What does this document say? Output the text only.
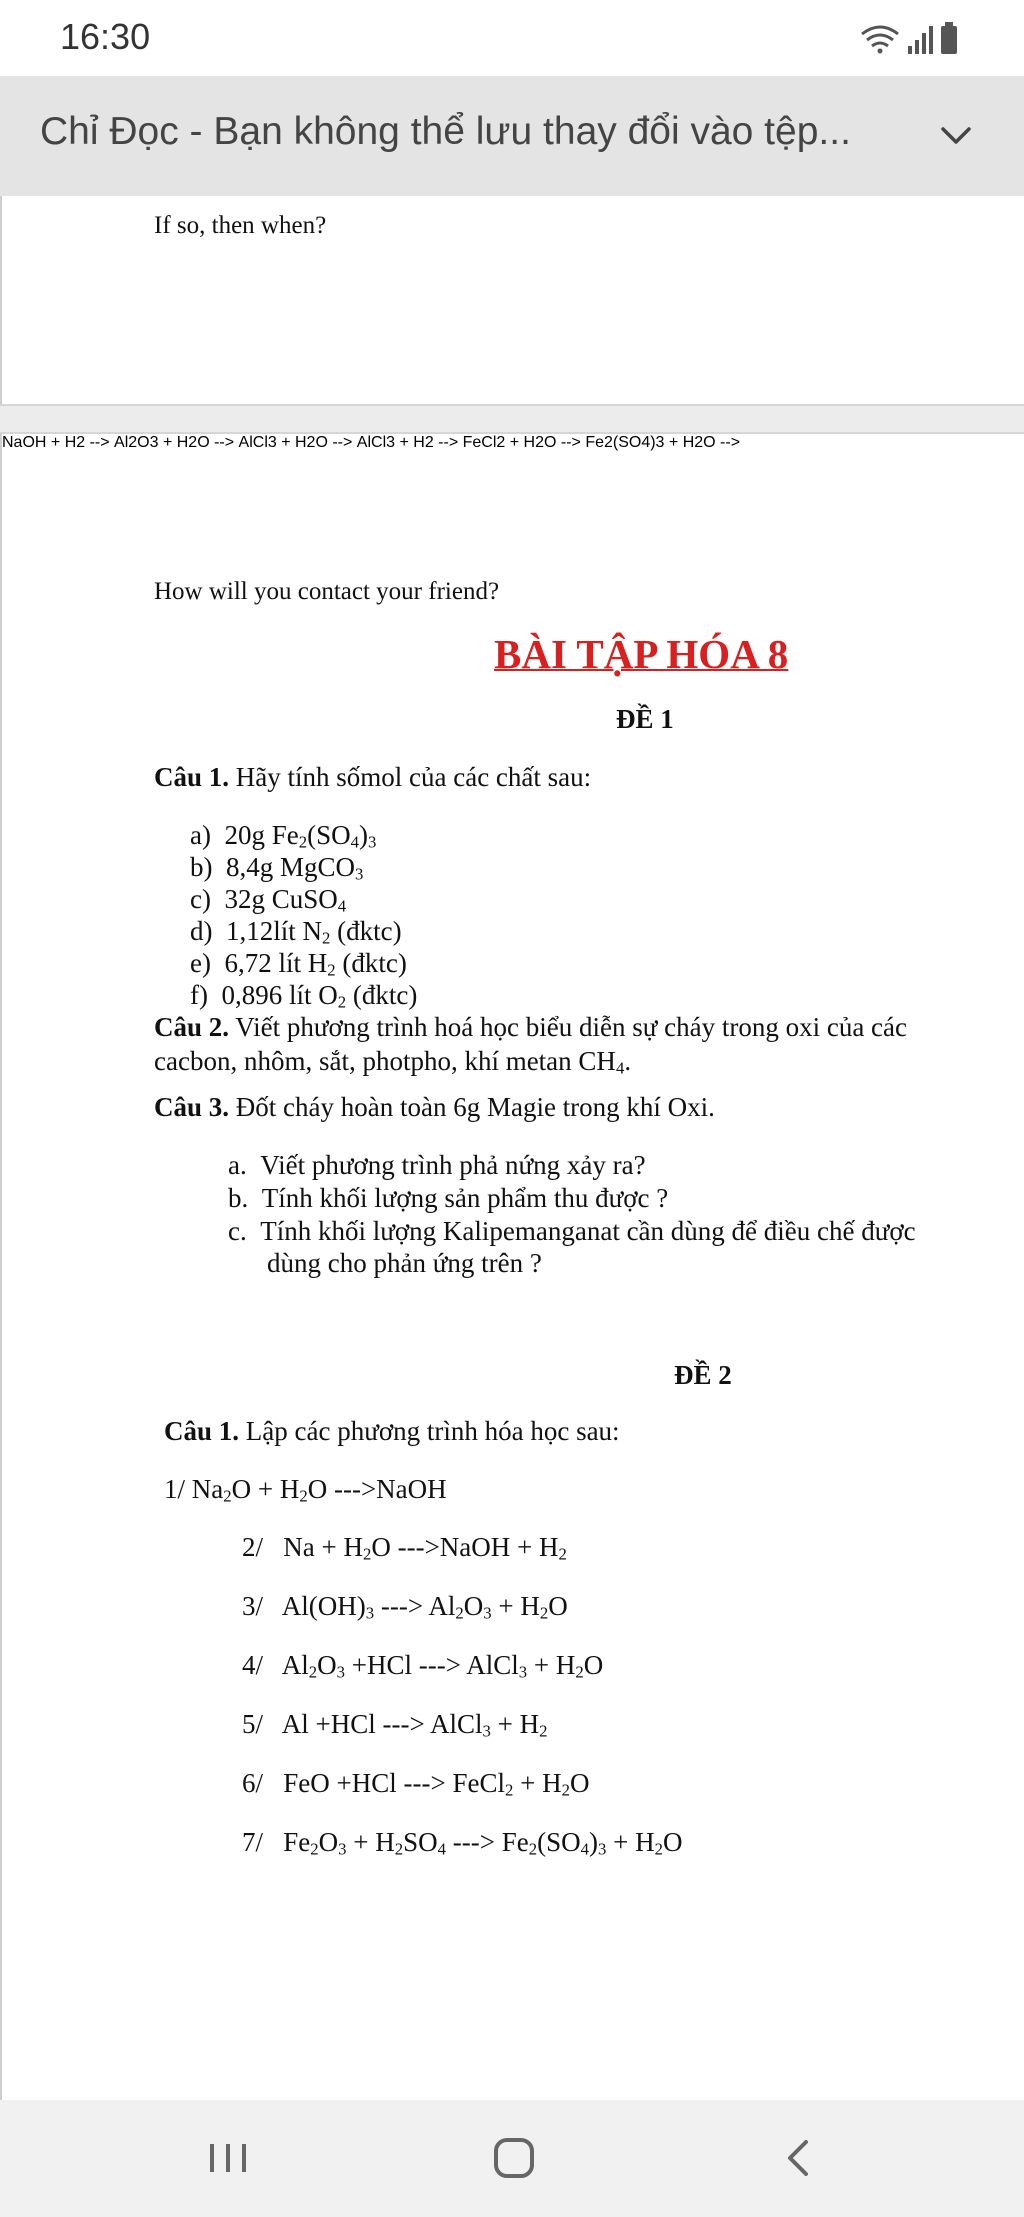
16:30
Chỉ Đọc - Bạn không thể lưu thay đổi vào tệp...
If so, then when?
How will you contact your friend?
BÀI TẬP HÓA 8
ĐỀ 1
Câu 1. Hãy tính sốmol của các chất sau:
a) 20g $Fe_2(SO_4)_3$
b) 8,4g MgCO$_3$
c) 32g CuSO$_4$
d) 1,12lít $N_2$ (đktc)
e) 6,72 lít $H_2$ (đktc)
f) 0,896 lít $O_2$ (đktc)
Câu 2. Viết phương trình hoá học biểu diễn sự cháy trong oxi của các
cacbon, nhôm, sắt, photpho, khí metan $CH_4$.
Câu 3. Đốt cháy hoàn toàn 6g Magie trong khí Oxi.
a. Viết phương trình phả nứng xảy ra?
b. Tính khối lượng sản phẩm thu được ?
c. Tính khối lượng Kalipemanganat cần dùng để điều chế được
dùng cho phản ứng trên ?
ĐỀ 2
Câu 1. Lập các phương trình hóa học sau:
1/ $Na_2O + H_2O$ --->NaOH
NaOH + H2 -->
2/ $Na + H_2O$ --->NaOH + $H_2$
Al2O3 + H2O -->
3/ $Al(OH)_3$ ---> $Al_2O_3 + H_2O$
AlCl3 + H2O -->
4/ $Al_2O_3 +HCl$ ---> AlCl$_3$ + $H_2O$
AlCl3 + H2 -->
5/ Al +HCl ---> AlCl$_3$ + $H_2$
FeCl2 + H2O -->
6/ FeO +HCl ---> FeCl$_2$ + $H_2O$
Fe2(SO4)3 + H2O -->
7/ $Fe_2O_3 + H_2SO_4$ ---> $Fe_2(SO_4)_3 + H_2O$
